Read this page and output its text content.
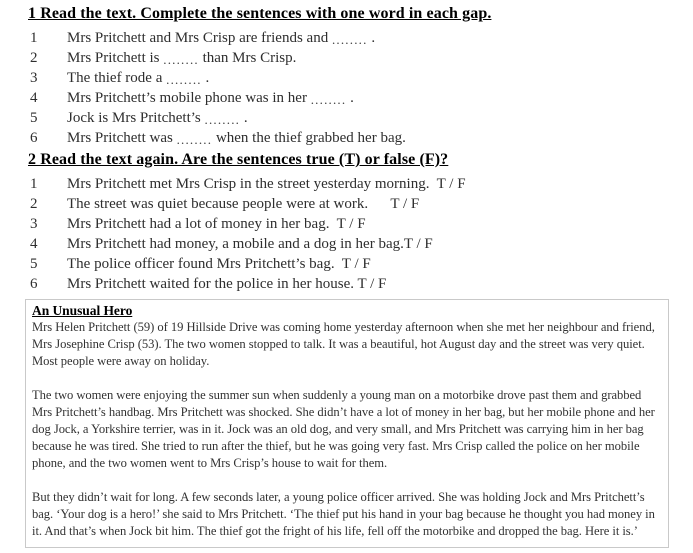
1 Read the text. Complete the sentences with one word in each gap.
1	Mrs Pritchett and Mrs Crisp are friends and ........ .
2	Mrs Pritchett is ........ than Mrs Crisp.
3	The thief rode a ........ .
4	Mrs Pritchett’s mobile phone was in her ........ .
5	Jock is Mrs Pritchett’s ........ .
6	Mrs Pritchett was ........ when the thief grabbed her bag.
2 Read the text again. Are the sentences true (T) or false (F)?
1	Mrs Pritchett met Mrs Crisp in the street yesterday morning.  T / F
2	The street was quiet because people were at work.      T / F
3	Mrs Pritchett had a lot of money in her bag.  T / F
4	Mrs Pritchett had money, a mobile and a dog in her bag.T / F
5	The police officer found Mrs Pritchett’s bag.  T / F
6	Mrs Pritchett waited for the police in her house. T / F
An Unusual Hero

Mrs Helen Pritchett (59) of 19 Hillside Drive was coming home yesterday afternoon when she met her neighbour and friend, Mrs Josephine Crisp (53). The two women stopped to talk. It was a beautiful, hot August day and the street was very quiet. Most people were away on holiday.

The two women were enjoying the summer sun when suddenly a young man on a motorbike drove past them and grabbed Mrs Pritchett’s handbag. Mrs Pritchett was shocked. She didn’t have a lot of money in her bag, but her mobile phone and her dog Jock, a Yorkshire terrier, was in it. Jock was an old dog, and very small, and Mrs Pritchett was carrying him in her bag because he was tired. She tried to run after the thief, but he was going very fast. Mrs Crisp called the police on her mobile phone, and the two women went to Mrs Crisp’s house to wait for them.

But they didn’t wait for long. A few seconds later, a young police officer arrived. She was holding Jock and Mrs Pritchett’s bag. ‘Your dog is a hero!’ she said to Mrs Pritchett. ‘The thief put his hand in your bag because he thought you had money in it. And that’s when Jock bit him. The thief got the fright of his life, fell off the motorbike and dropped the bag. Here it is.’
